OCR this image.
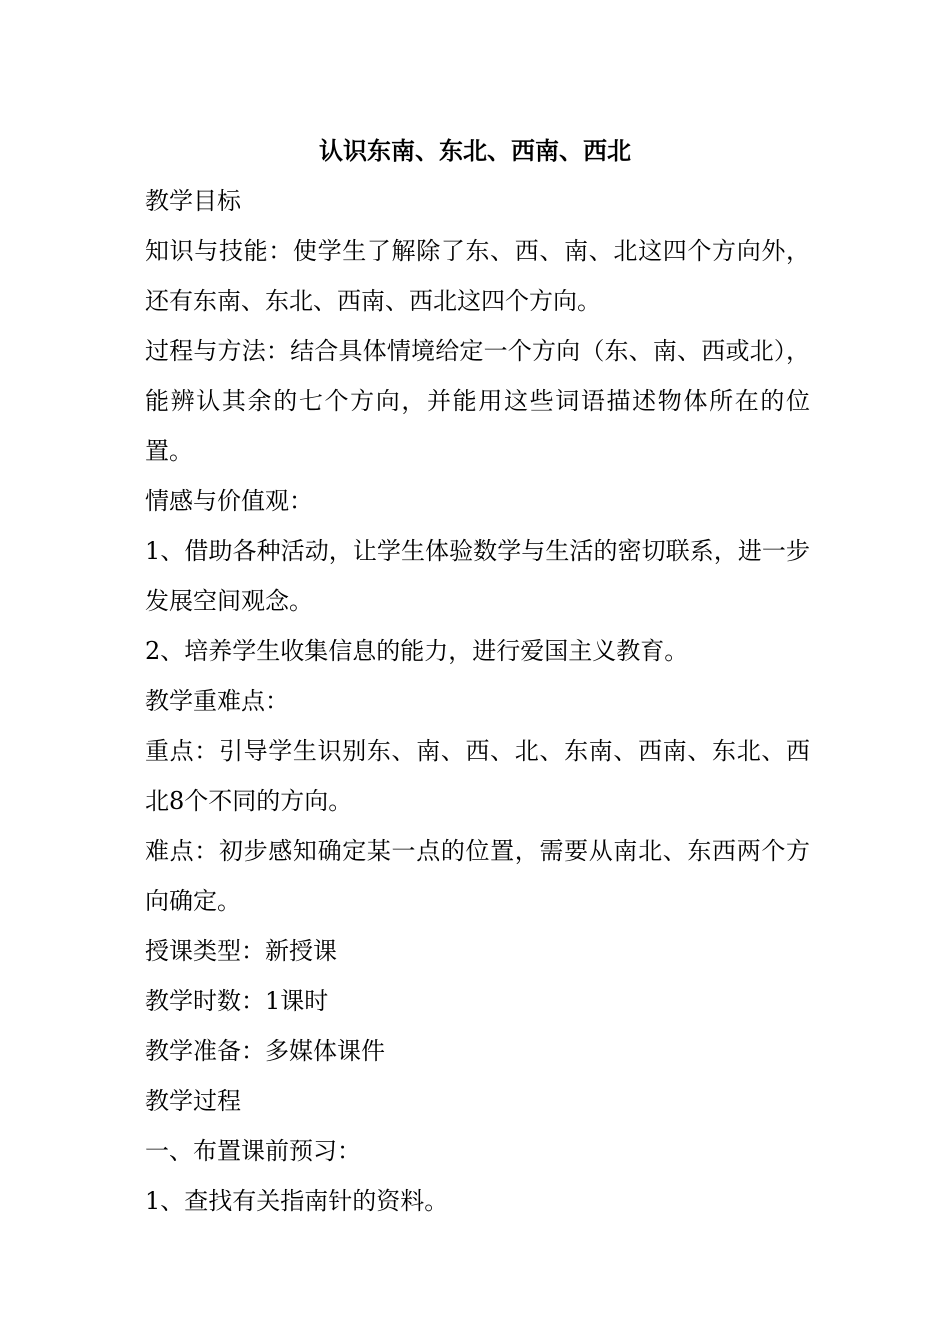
认识东南、东北、西南、西北

教学目标

知识与技能：使学生了解除了东、西、南、北这四个方向外，还有东南、东北、西南、西北这四个方向。

过程与方法：结合具体情境给定一个方向（东、南、西或北），能辨认其余的七个方向，并能用这些词语描述物体所在的位置。

情感与价值观：

1、借助各种活动，让学生体验数学与生活的密切联系，进一步发展空间观念。

2、培养学生收集信息的能力，进行爱国主义教育。

教学重难点：

重点：引导学生识别东、南、西、北、东南、西南、东北、西北8个不同的方向。

难点：初步感知确定某一点的位置，需要从南北、东西两个方向确定。

授课类型：新授课

教学时数：1课时

教学准备：多媒体课件

教学过程

一、布置课前预习：

1、查找有关指南针的资料。
